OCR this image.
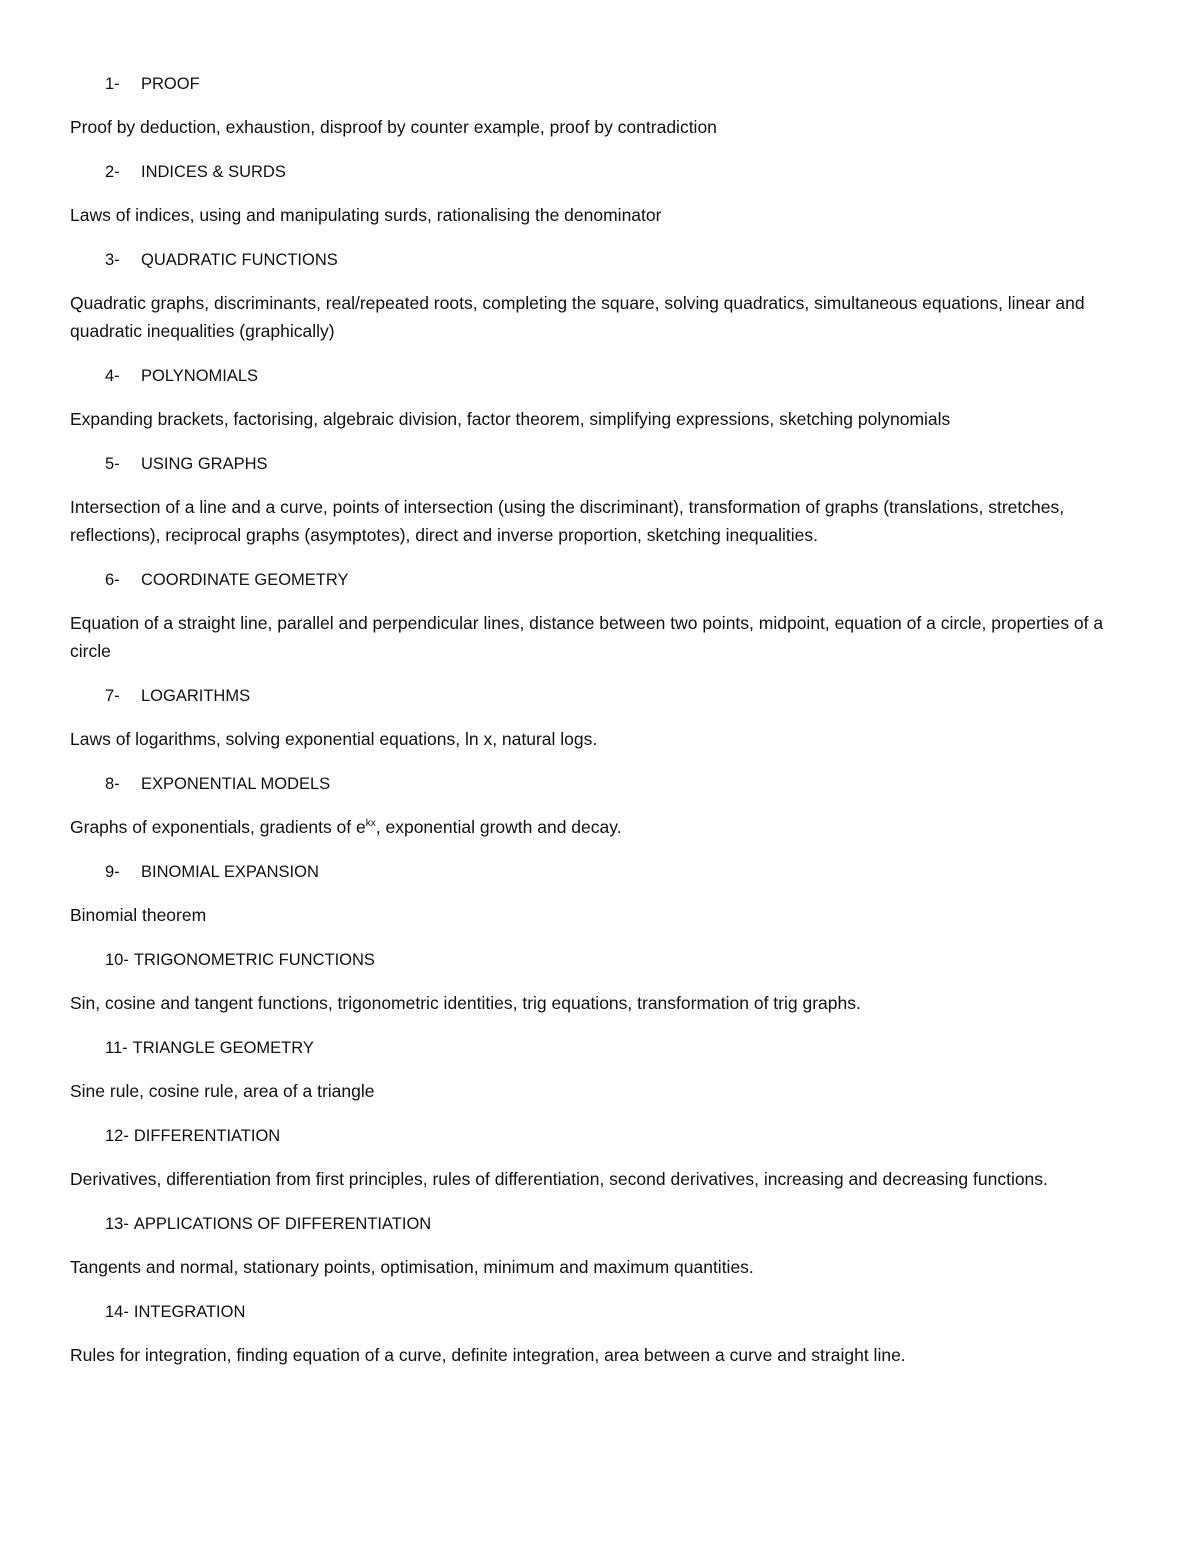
1- PROOF

Proof by deduction, exhaustion, disproof by counter example, proof by contradiction

2- INDICES & SURDS

Laws of indices, using and manipulating surds, rationalising the denominator

3- QUADRATIC FUNCTIONS

Quadratic graphs, discriminants, real/repeated roots, completing the square, solving quadratics, simultaneous equations, linear and quadratic inequalities (graphically)

4- POLYNOMIALS

Expanding brackets, factorising, algebraic division, factor theorem, simplifying expressions, sketching polynomials

5- USING GRAPHS

Intersection of a line and a curve, points of intersection (using the discriminant), transformation of graphs (translations, stretches, reflections), reciprocal graphs (asymptotes), direct and inverse proportion, sketching inequalities.

6- COORDINATE GEOMETRY

Equation of a straight line, parallel and perpendicular lines, distance between two points, midpoint, equation of a circle, properties of a circle

7- LOGARITHMS

Laws of logarithms, solving exponential equations, ln x, natural logs.

8- EXPONENTIAL MODELS

Graphs of exponentials, gradients of $e^{kx}$, exponential growth and decay.

9- BINOMIAL EXPANSION

Binomial theorem

10- TRIGONOMETRIC FUNCTIONS

Sin, cosine and tangent functions, trigonometric identities, trig equations, transformation of trig graphs.

11- TRIANGLE GEOMETRY

Sine rule, cosine rule, area of a triangle

12- DIFFERENTIATION

Derivatives, differentiation from first principles, rules of differentiation, second derivatives, increasing and decreasing functions.

13- APPLICATIONS OF DIFFERENTIATION

Tangents and normal, stationary points, optimisation, minimum and maximum quantities.

14- INTEGRATION

Rules for integration, finding equation of a curve, definite integration, area between a curve and straight line.
